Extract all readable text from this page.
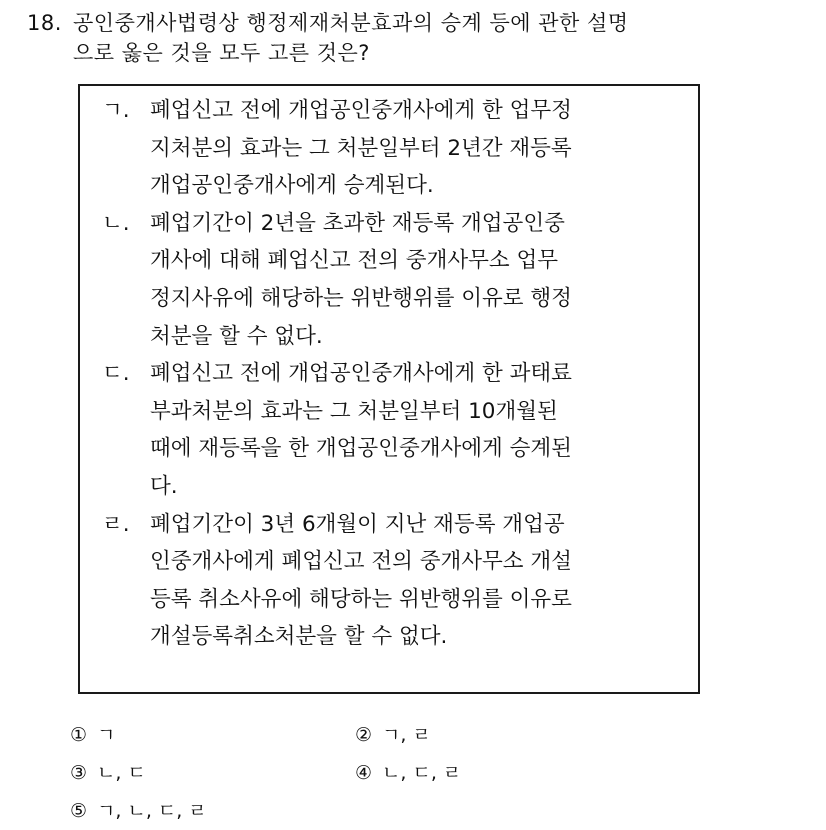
18. 공인중개사법령상 행정제재처분효과의 승계 등에 관한 설명
으로 옳은 것을 모두 고른 것은?
ㄱ. 폐업신고 전에 개업공인중개사에게 한 업무정
지처분의 효과는 그 처분일부터 2년간 재등록
개업공인중개사에게 승계된다.
ㄴ. 폐업기간이 2년을 초과한 재등록 개업공인중
개사에 대해 폐업신고 전의 중개사무소 업무
정지사유에 해당하는 위반행위를 이유로 행정
처분을 할 수 없다.
ㄷ. 폐업신고 전에 개업공인중개사에게 한 과태료
부과처분의 효과는 그 처분일부터 10개월된
때에 재등록을 한 개업공인중개사에게 승계된
다.
ㄹ. 폐업기간이 3년 6개월이 지난 재등록 개업공
인중개사에게 폐업신고 전의 중개사무소 개설
등록 취소사유에 해당하는 위반행위를 이유로
개설등록취소처분을 할 수 없다.
① ㄱ	② ㄱ, ㄹ
③ ㄴ, ㄷ	④ ㄴ, ㄷ, ㄹ
⑤ ㄱ, ㄴ, ㄷ, ㄹ
